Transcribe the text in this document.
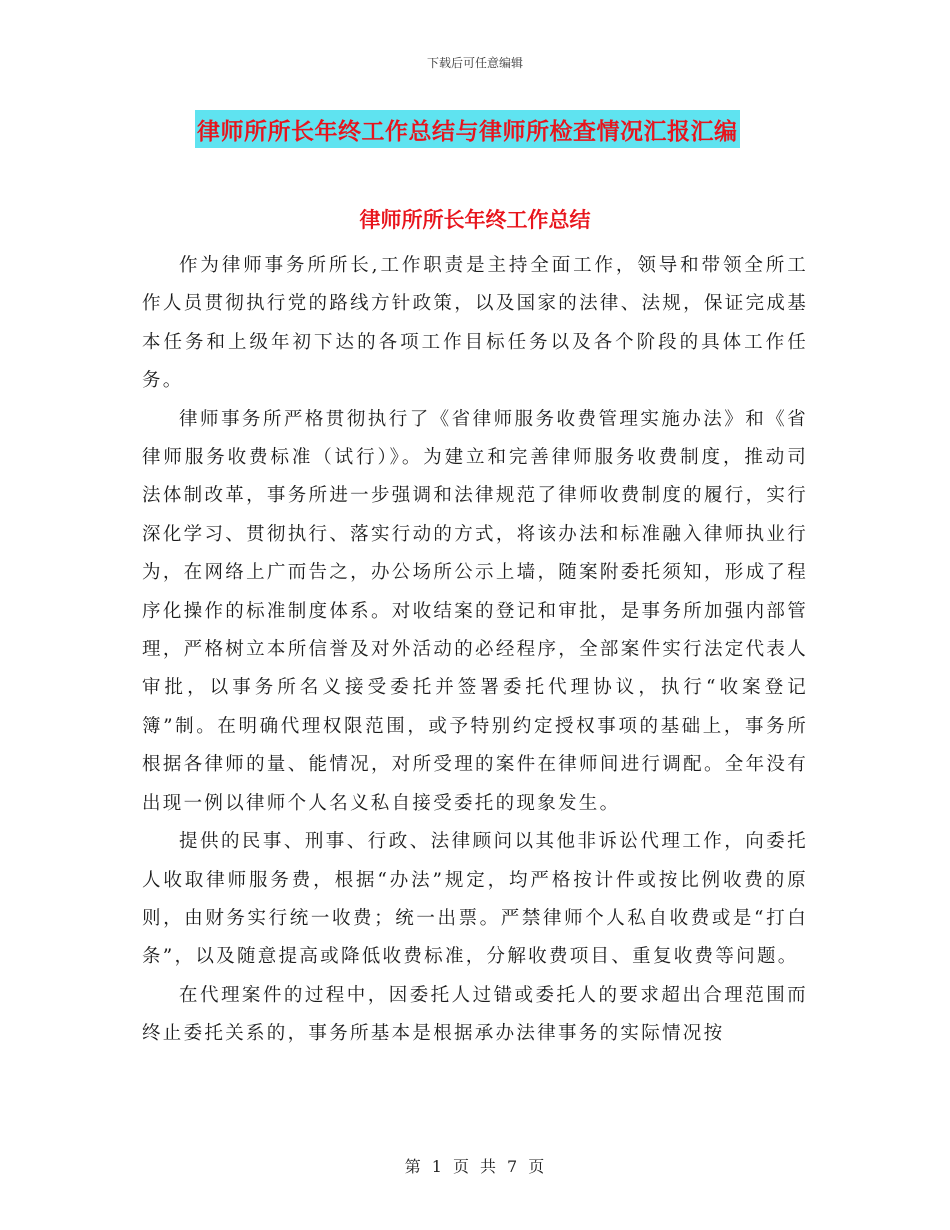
下载后可任意编辑
律师所所长年终工作总结与律师所检查情况汇报汇编
律师所所长年终工作总结

作为律师事务所所长,工作职责是主持全面工作，领导和带领全所工作人员贯彻执行党的路线方针政策，以及国家的法律、法规，保证完成基本任务和上级年初下达的各项工作目标任务以及各个阶段的具体工作任务。

律师事务所严格贯彻执行了《省律师服务收费管理实施办法》和《省律师服务收费标准（试行）》。为建立和完善律师服务收费制度，推动司法体制改革，事务所进一步强调和法律规范了律师收费制度的履行，实行深化学习、贯彻执行、落实行动的方式，将该办法和标准融入律师执业行为，在网络上广而告之，办公场所公示上墙，随案附委托须知，形成了程序化操作的标准制度体系。对收结案的登记和审批，是事务所加强内部管理，严格树立本所信誉及对外活动的必经程序，全部案件实行法定代表人审批，以事务所名义接受委托并签署委托代理协议，执行“收案登记簿”制。在明确代理权限范围，或予特别约定授权事项的基础上，事务所根据各律师的量、能情况，对所受理的案件在律师间进行调配。全年没有出现一例以律师个人名义私自接受委托的现象发生。

提供的民事、刑事、行政、法律顾问以其他非诉讼代理工作，向委托人收取律师服务费，根据“办法”规定，均严格按计件或按比例收费的原则，由财务实行统一收费；统一出票。严禁律师个人私自收费或是“打白条”，以及随意提高或降低收费标准，分解收费项目、重复收费等问题。

在代理案件的过程中，因委托人过错或委托人的要求超出合理范围而终止委托关系的，事务所基本是根据承办法律事务的实际情况按

第 1 页 共 7 页
